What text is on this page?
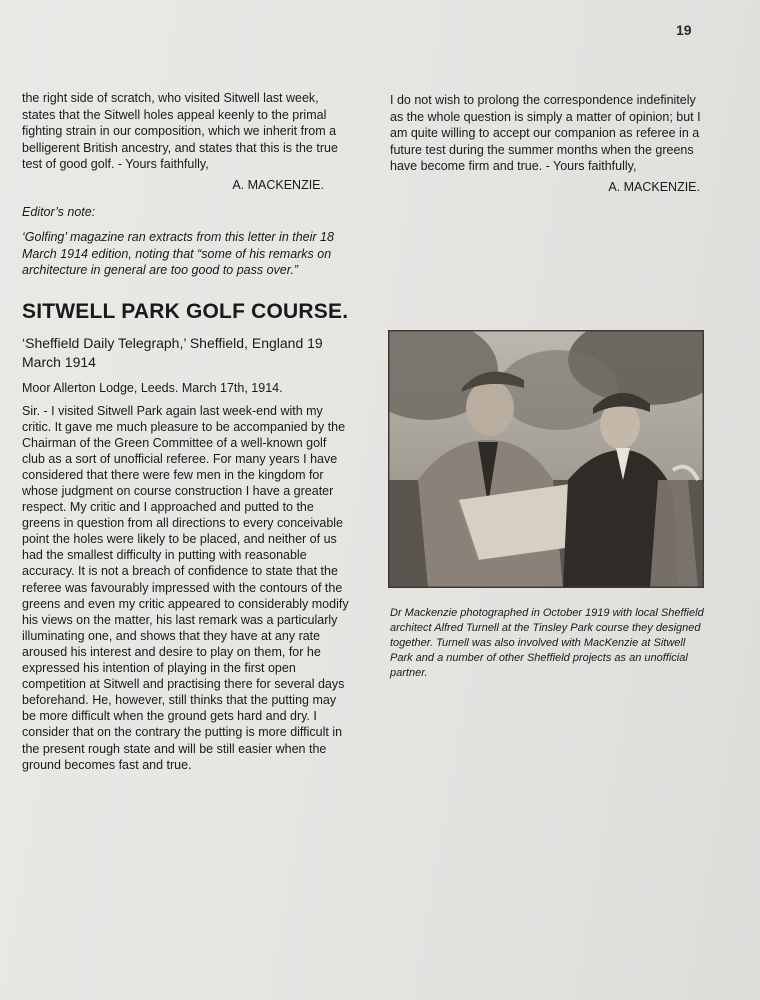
19

the right side of scratch, who visited Sitwell last week, states that the Sitwell holes appeal keenly to the primal fighting strain in our composition, which we inherit from a belligerent British ancestry, and states that this is the true test of good golf. - Yours faithfully,

A. MACKENZIE.

Editor’s note:

‘Golfing’ magazine ran extracts from this letter in their 18 March 1914 edition, noting that “some of his remarks on architecture in general are too good to pass over.”

SITWELL PARK GOLF COURSE.

‘Sheffield Daily Telegraph,’ Sheffield, England 19 March 1914

Moor Allerton Lodge, Leeds. March 17th, 1914.

Sir. - I visited Sitwell Park again last week-end with my critic. It gave me much pleasure to be accompanied by the Chairman of the Green Committee of a well-known golf club as a sort of unofficial referee. For many years I have considered that there were few men in the kingdom for whose judgment on course construction I have a greater respect. My critic and I approached and putted to the greens in question from all directions to every conceivable point the holes were likely to be placed, and neither of us had the smallest difficulty in putting with reasonable accuracy. It is not a breach of confidence to state that the referee was favourably impressed with the contours of the greens and even my critic appeared to considerably modify his views on the matter, his last remark was a particularly illuminating one, and shows that they have at any rate aroused his interest and desire to play on them, for he expressed his intention of playing in the first open competition at Sitwell and practising there for several days beforehand. He, however, still thinks that the putting may be more difficult when the ground gets hard and dry. I consider that on the contrary the putting is more difficult in the present rough state and will be still easier when the ground becomes fast and true.

I do not wish to prolong the correspondence indefinitely as the whole question is simply a matter of opinion; but I am quite willing to accept our companion as referee in a future test during the summer months when the greens have become firm and true. - Yours faithfully,

A. MACKENZIE.

Dr Mackenzie photographed in October 1919 with local Sheffield architect Alfred Turnell at the Tinsley Park course they designed together. Turnell was also involved with MacKenzie at Sitwell Park and a number of other Sheffield projects as an unofficial partner.
